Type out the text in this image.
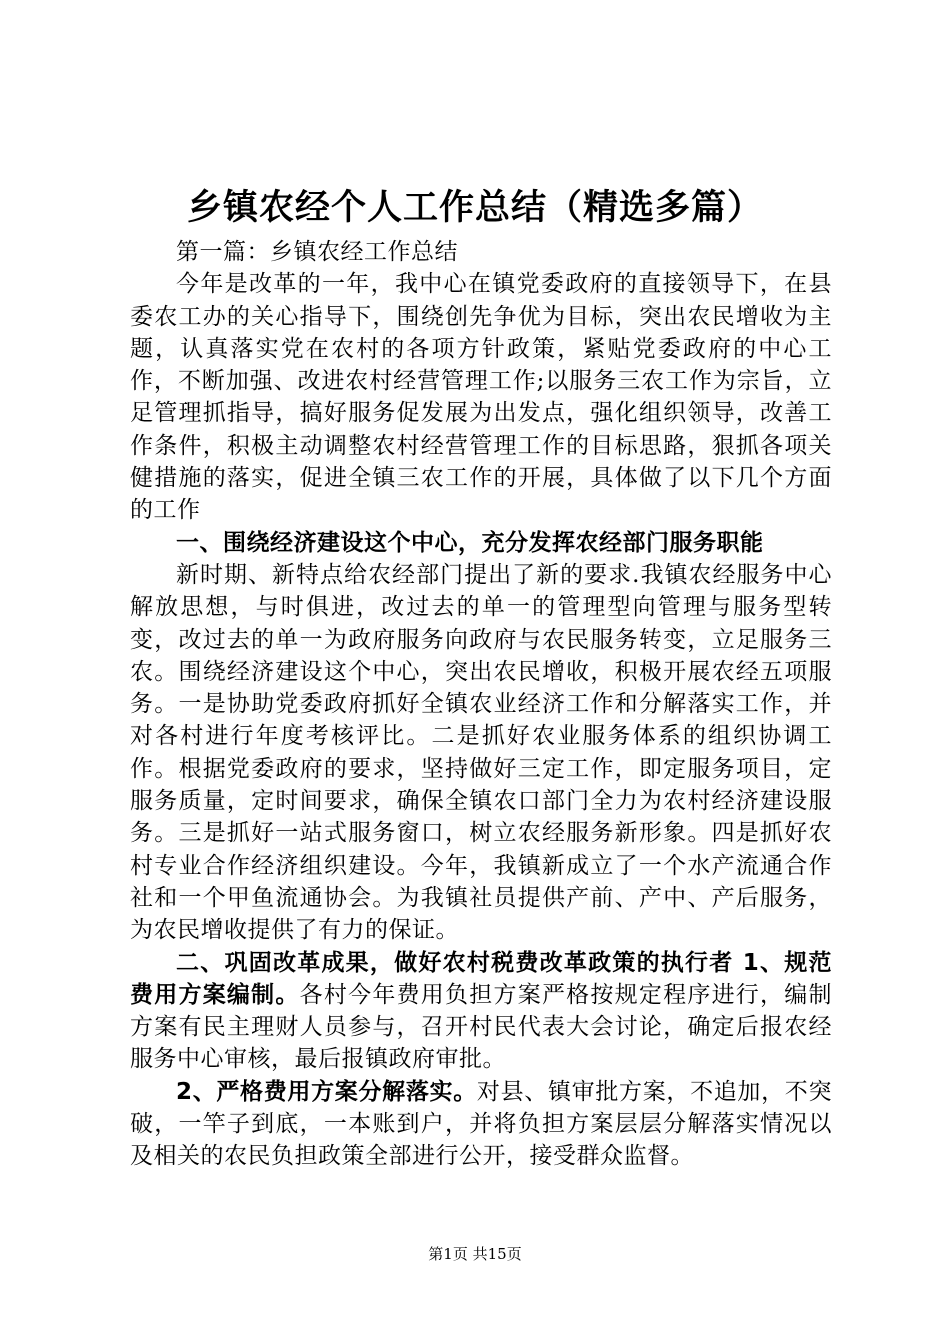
乡镇农经个人工作总结（精选多篇）

第一篇：乡镇农经工作总结

今年是改革的一年，我中心在镇党委政府的直接领导下，在县委农工办的关心指导下，围绕创先争优为目标，突出农民增收为主题，认真落实党在农村的各项方针政策，紧贴党委政府的中心工作，不断加强、改进农村经营管理工作;以服务三农工作为宗旨，立足管理抓指导，搞好服务促发展为出发点，强化组织领导，改善工作条件，积极主动调整农村经营管理工作的目标思路，狠抓各项关健措施的落实，促进全镇三农工作的开展，具体做了以下几个方面的工作

一、围绕经济建设这个中心，充分发挥农经部门服务职能

新时期、新特点给农经部门提出了新的要求.我镇农经服务中心解放思想，与时俱进，改过去的单一的管理型向管理与服务型转变，改过去的单一为政府服务向政府与农民服务转变，立足服务三农。围绕经济建设这个中心，突出农民增收，积极开展农经五项服务。一是协助党委政府抓好全镇农业经济工作和分解落实工作，并对各村进行年度考核评比。二是抓好农业服务体系的组织协调工作。根据党委政府的要求，坚持做好三定工作，即定服务项目，定服务质量，定时间要求，确保全镇农口部门全力为农村经济建设服务。三是抓好一站式服务窗口，树立农经服务新形象。四是抓好农村专业合作经济组织建设。今年，我镇新成立了一个水产流通合作社和一个甲鱼流通协会。为我镇社员提供产前、产中、产后服务，为农民增收提供了有力的保证。

二、巩固改革成果，做好农村税费改革政策的执行者 1、规范费用方案编制。各村今年费用负担方案严格按规定程序进行，编制方案有民主理财人员参与，召开村民代表大会讨论，确定后报农经服务中心审核，最后报镇政府审批。

2、严格费用方案分解落实。对县、镇审批方案，不追加，不突破，一竿子到底，一本账到户，并将负担方案层层分解落实情况以及相关的农民负担政策全部进行公开，接受群众监督。

第1页 共15页
